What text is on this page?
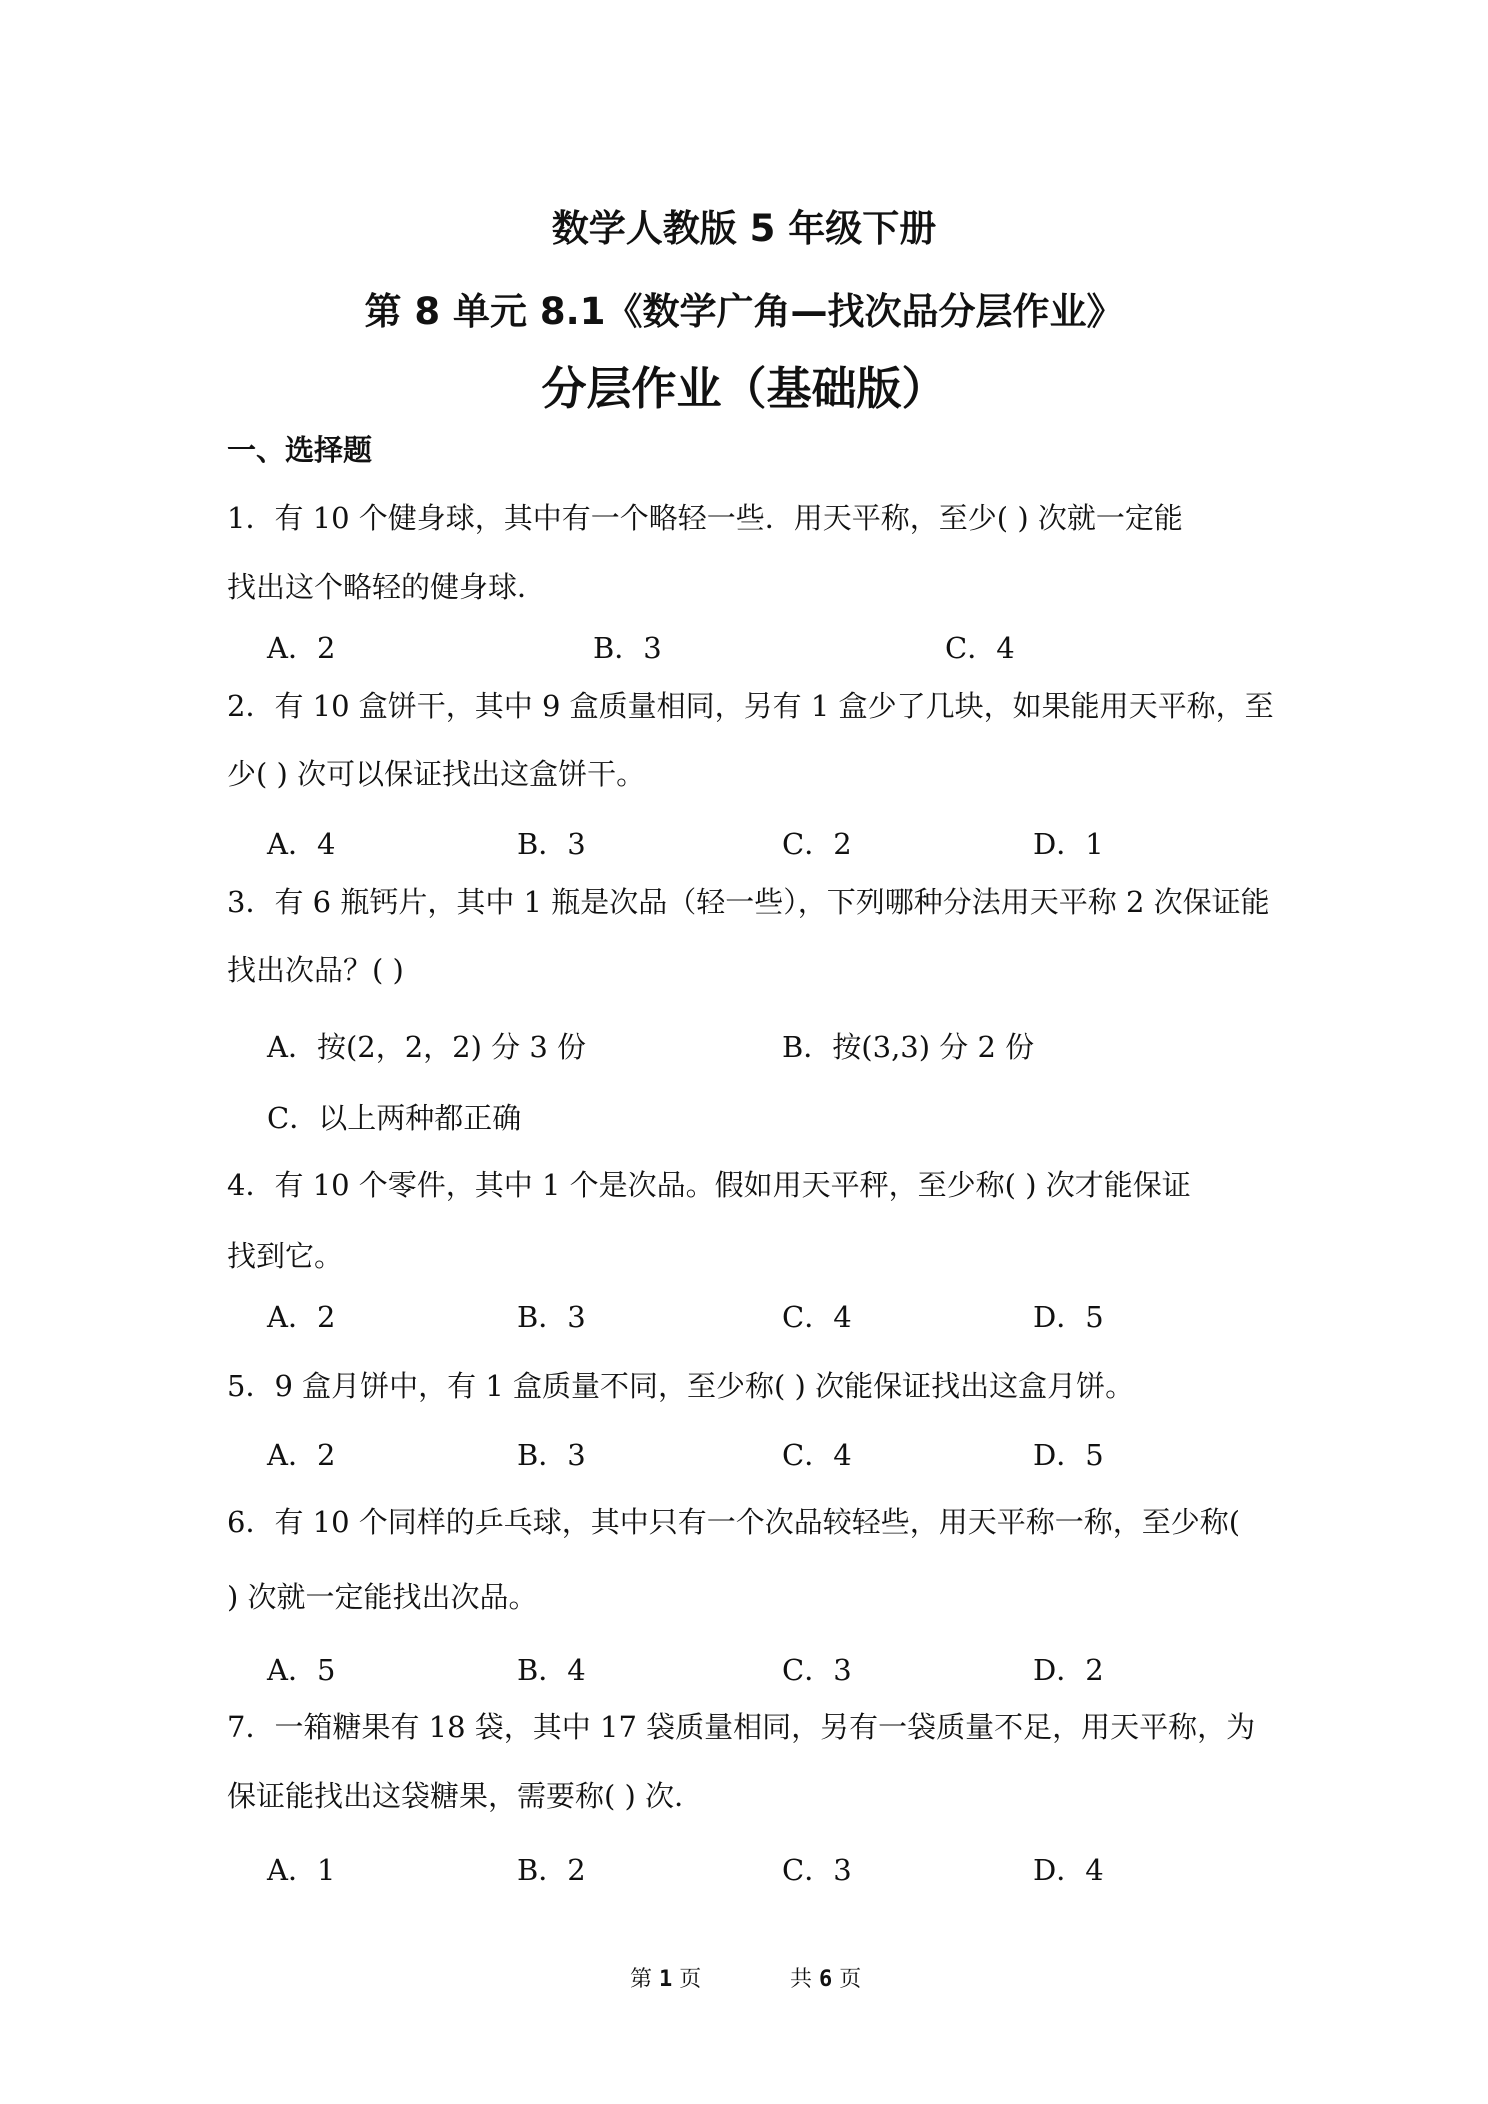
数学人教版 5 年级下册
第 8 单元 8.1《数学广角—找次品分层作业》
分层作业（基础版）
一、选择题
1．有 10 个健身球，其中有一个略轻一些．用天平称，至少( ) 次就一定能
找出这个略轻的健身球．
A．2	B．3	C．4
2．有 10 盒饼干，其中 9 盒质量相同，另有 1 盒少了几块，如果能用天平称，至
少( ) 次可以保证找出这盒饼干。
A．4	B．3	C．2	D．1
3．有 6 瓶钙片，其中 1 瓶是次品（轻一些），下列哪种分法用天平称 2 次保证能
找出次品？( )
A．按(2，2，2) 分 3 份	B．按(3,3) 分 2 份
C．以上两种都正确
4．有 10 个零件，其中 1 个是次品。假如用天平秤，至少称( ) 次才能保证
找到它。
A．2	B．3	C．4	D．5
5．9 盒月饼中，有 1 盒质量不同，至少称( ) 次能保证找出这盒月饼。
A．2	B．3	C．4	D．5
6．有 10 个同样的乒乓球，其中只有一个次品较轻些，用天平称一称，至少称(
) 次就一定能找出次品。
A．5	B．4	C．3	D．2
7．一箱糖果有 18 袋，其中 17 袋质量相同，另有一袋质量不足，用天平称，为
保证能找出这袋糖果，需要称( ) 次．
A．1	B．2	C．3	D．4
第 1 页	共 6 页
